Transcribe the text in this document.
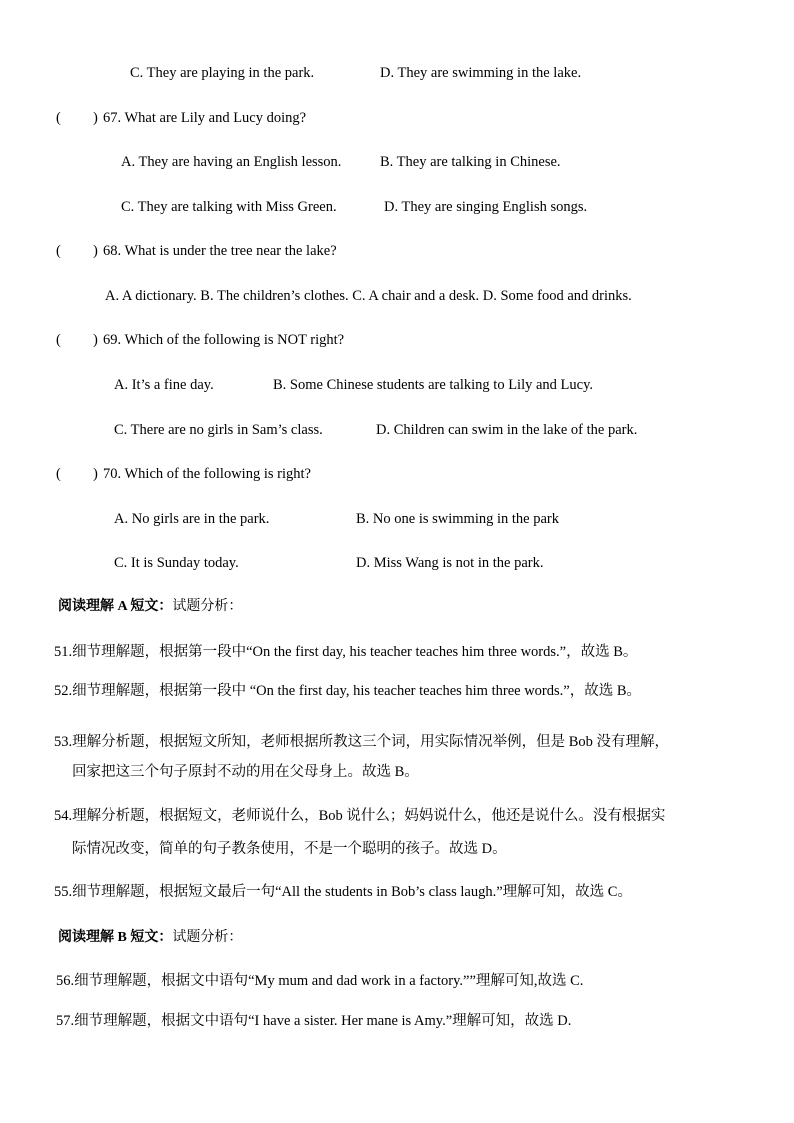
C. They are playing in the park.	D. They are swimming in the lake.
( ) 67. What are Lily and Lucy doing?
A. They are having an English lesson.	B. They are talking in Chinese.
C. They are talking with Miss Green.	D. They are singing English songs.
( ) 68. What is under the tree near the lake?
A. A dictionary. B. The children’s clothes. C. A chair and a desk. D. Some food and drinks.
( ) 69. Which of the following is NOT right?
A. It’s a fine day.	B. Some Chinese students are talking to Lily and Lucy.
C. There are no girls in Sam’s class.	D. Children can swim in the lake of the park.
( ) 70. Which of the following is right?
A. No girls are in the park.	B. No one is swimming in the park
C. It is Sunday today.	D. Miss Wang is not in the park.
阅读理解 A 短文：试题分析：
51.细节理解题，根据第一段中“On the first day, his teacher teaches him three words.”，故选 B。
52.细节理解题，根据第一段中 “On the first day, his teacher teaches him three words.”，故选 B。
53.理解分析题，根据短文所知，老师根据所教这三个词，用实际情况举例，但是 Bob 没有理解，
回家把这三个句子原封不动的用在父母身上。故选 B。
54.理解分析题，根据短文，老师说什么，Bob 说什么；妈妈说什么，他还是说什么。没有根据实
际情况改变，简单的句子教条使用，不是一个聪明的孩子。故选 D。
55.细节理解题，根据短文最后一句“All the students in Bob’s class laugh.”理解可知，故选 C。
阅读理解 B 短文：试题分析：
56.细节理解题，根据文中语句“My mum and dad work in a factory.””理解可知,故选 C.
57.细节理解题，根据文中语句“I have a sister. Her mane is Amy.”理解可知，故选 D.
